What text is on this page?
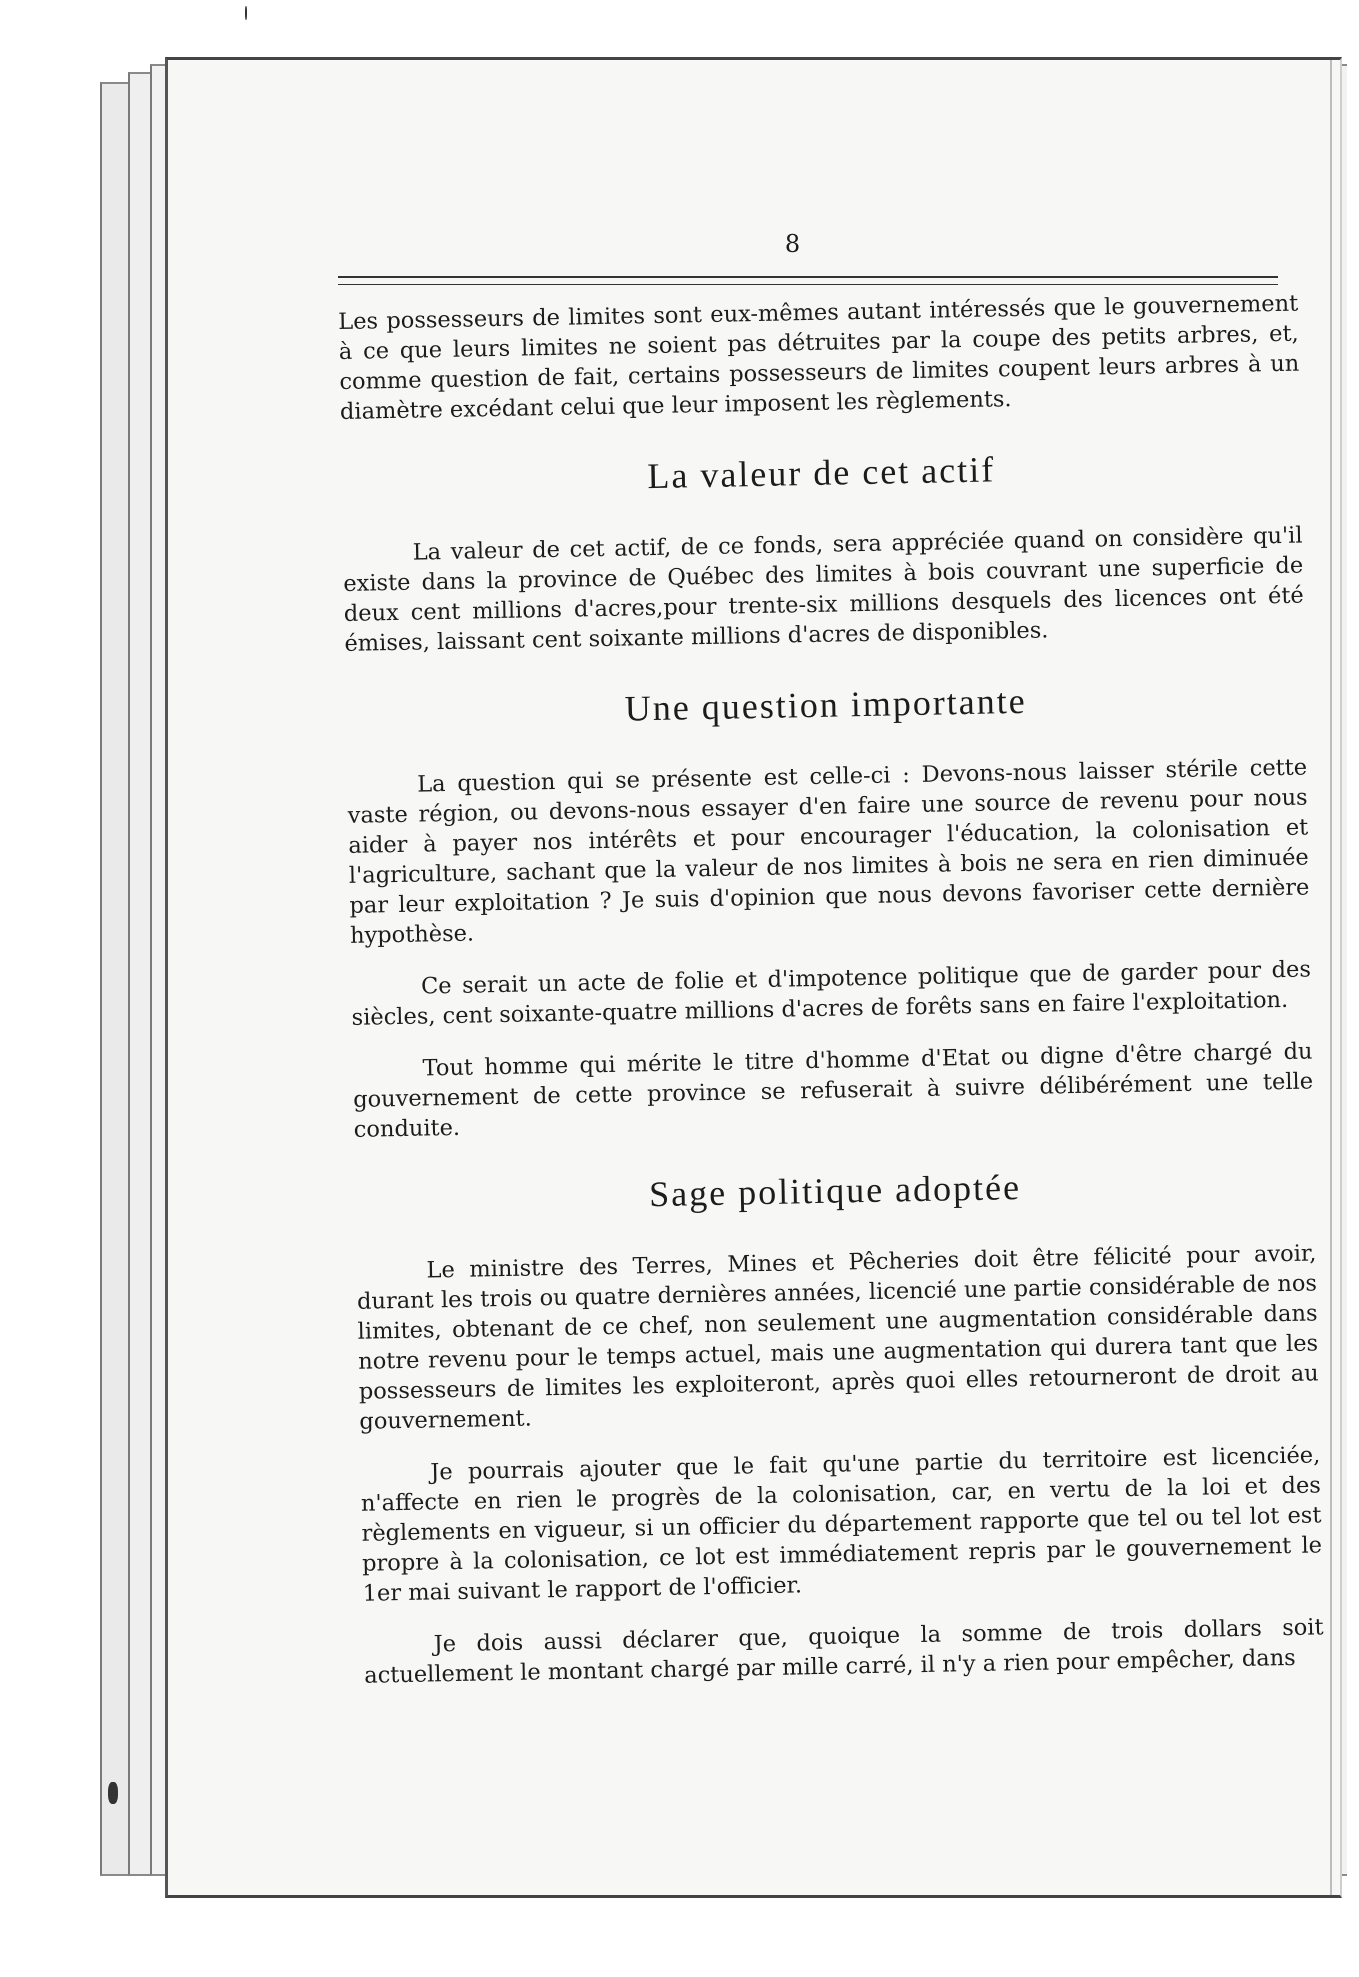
8

Les possesseurs de limites sont eux-mêmes autant intéressés que le gouvernement à ce que leurs limites ne soient pas détruites par la coupe des petits arbres, et, comme question de fait, certains possesseurs de limites coupent leurs arbres à un diamètre excédant celui que leur imposent les règlements.

La valeur de cet actif

La valeur de cet actif, de ce fonds, sera appréciée quand on considère qu'il existe dans la province de Québec des limites à bois couvrant une superficie de deux cent millions d'acres,pour trente-six millions desquels des licences ont été émises, laissant cent soixante millions d'acres de disponibles.

Une question importante

La question qui se présente est celle-ci : Devons-nous laisser stérile cette vaste région, ou devons-nous essayer d'en faire une source de revenu pour nous aider à payer nos intérêts et pour encourager l'éducation, la colonisation et l'agriculture, sachant que la valeur de nos limites à bois ne sera en rien diminuée par leur exploitation ? Je suis d'opinion que nous devons favoriser cette dernière hypothèse.

Ce serait un acte de folie et d'impotence politique que de garder pour des siècles, cent soixante-quatre millions d'acres de forêts sans en faire l'exploitation.

Tout homme qui mérite le titre d'homme d'Etat ou digne d'être chargé du gouvernement de cette province se refuserait à suivre délibérément une telle conduite.

Sage politique adoptée

Le ministre des Terres, Mines et Pêcheries doit être félicité pour avoir, durant les trois ou quatre dernières années, licencié une partie considérable de nos limites, obtenant de ce chef, non seulement une augmentation considérable dans notre revenu pour le temps actuel, mais une augmentation qui durera tant que les possesseurs de limites les exploiteront, après quoi elles retourneront de droit au gouvernement.

Je pourrais ajouter que le fait qu'une partie du territoire est licenciée, n'affecte en rien le progrès de la colonisation, car, en vertu de la loi et des règlements en vigueur, si un officier du département rapporte que tel ou tel lot est propre à la colonisation, ce lot est immédiatement repris par le gouvernement le 1er mai suivant le rapport de l'officier.

Je dois aussi déclarer que, quoique la somme de trois dollars soit actuellement le montant chargé par mille carré, il n'y a rien pour empêcher, dans
